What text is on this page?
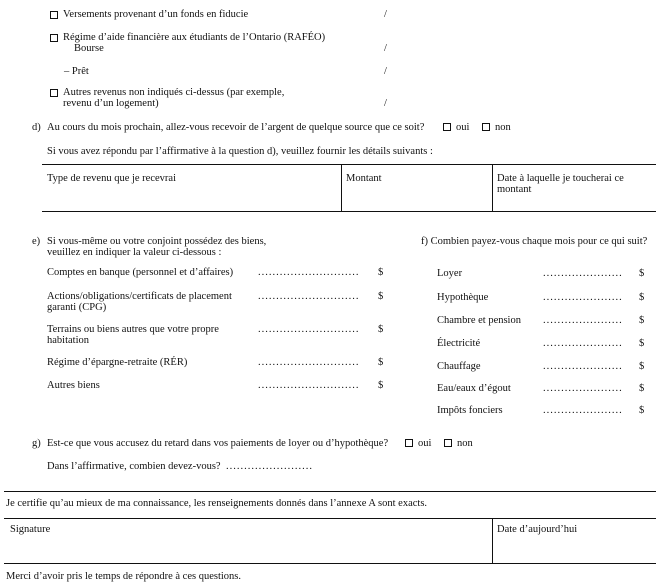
Versements provenant d’un fonds en fiducie	/
Régime d’aide financière aux étudiants de l’Ontario (RAFÉO)
Bourse	/
– Prêt	/
Autres revenus non indiqués ci-dessus (par exemple,
revenu d’un logement)	/
d) Au cours du mois prochain, allez-vous recevoir de l’argent de quelque source que ce soit?	oui non
Si vous avez répondu par l’affirmative à la question d), veuillez fournir les détails suivants :
Type de revenu que je recevrai	Montant	Date à laquelle je toucherai ce montant
e) Si vous-même ou votre conjoint possédez des biens,
veuillez en indiquer la valeur ci-dessous :
Comptes en banque (personnel et d’affaires) ............................ $
Actions/obligations/certificats de placement
garanti (CPG)
............................ $
Terrains ou biens autres que votre propre
habitation
............................ $
Régime d’épargne-retraite (RÉR)	............................ $
Autres biens	............................ $
f) Combien payez-vous chaque mois pour ce qui suit?
Loyer	...................... $
Hypothèque	...................... $
Chambre et pension ...................... $
Électricité	...................... $
Chauffage	...................... $
Eau/eaux d’égout	...................... $
Impôts fonciers	...................... $
g) Est-ce que vous accusez du retard dans vos paiements de loyer ou d’hypothèque?	oui non
Dans l’affirmative, combien devez-vous? ........................
Je certifie qu’au mieux de ma connaissance, les renseignements donnés dans l’annexe A sont exacts.
Signature	Date d’aujourd’hui
Merci d’avoir pris le temps de répondre à ces questions.
